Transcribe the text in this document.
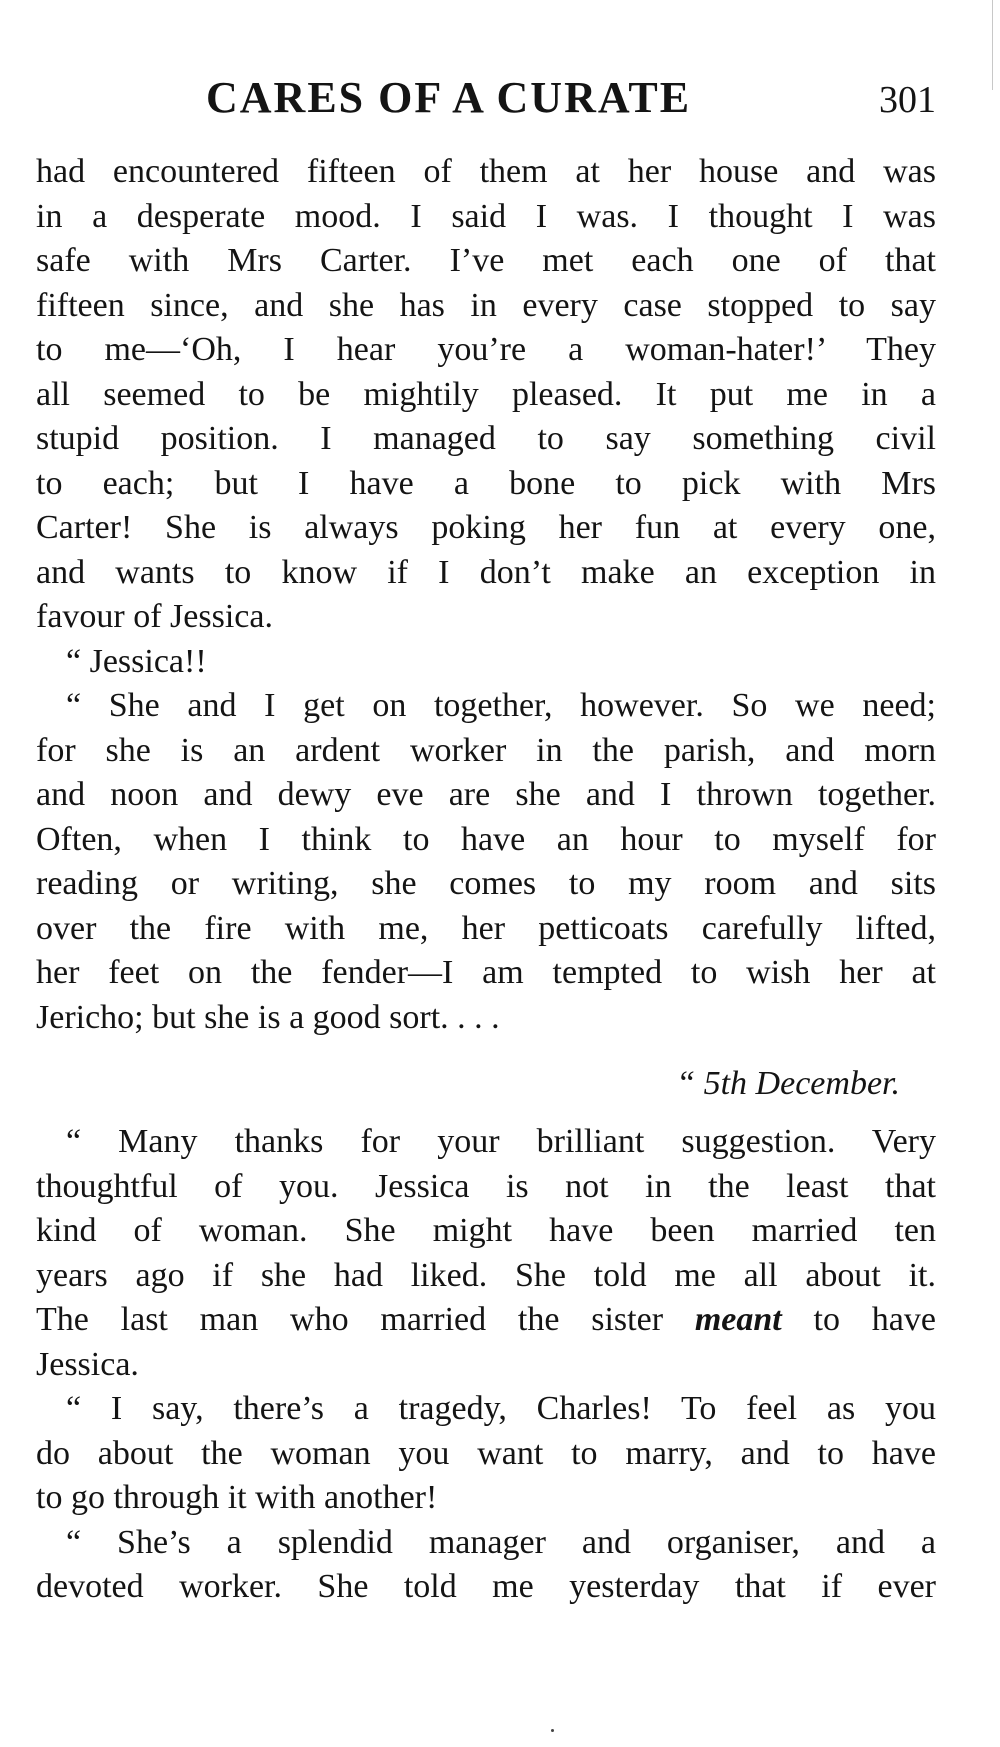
CARES OF A CURATE	301
had encountered fifteen of them at her house and was
in a desperate mood. I said I was. I thought I was
safe with Mrs Carter. I’ve met each one of that
fifteen since, and she has in every case stopped to say
to me—‘Oh, I hear you’re a woman-hater!’ They
all seemed to be mightily pleased. It put me in a
stupid position. I managed to say something civil
to each; but I have a bone to pick with Mrs
Carter! She is always poking her fun at every one,
and wants to know if I don’t make an exception in
favour of Jessica.
“ Jessica!!
“ She and I get on together, however. So we need;
for she is an ardent worker in the parish, and morn
and noon and dewy eve are she and I thrown together.
Often, when I think to have an hour to myself for
reading or writing, she comes to my room and sits
over the fire with me, her petticoats carefully lifted,
her feet on the fender—I am tempted to wish her at
Jericho; but she is a good sort. . . .
“ 5th December.
“ Many thanks for your brilliant suggestion. Very
thoughtful of you. Jessica is not in the least that
kind of woman. She might have been married ten
years ago if she had liked. She told me all about it.
The last man who married the sister meant to have
Jessica.
“ I say, there’s a tragedy, Charles! To feel as you
do about the woman you want to marry, and to have
to go through it with another!
“ She’s a splendid manager and organiser, and a
devoted worker. She told me yesterday that if ever
